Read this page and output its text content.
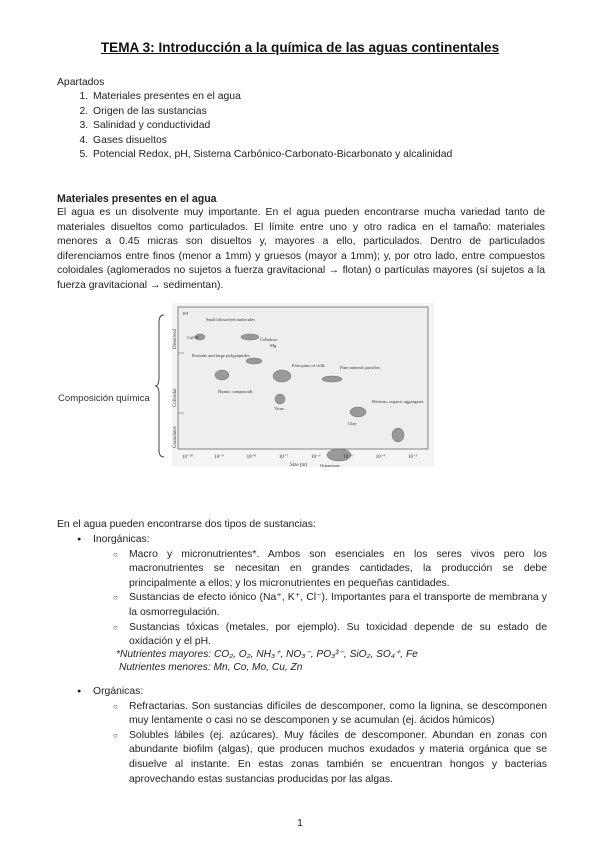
TEMA 3: Introducción a la química de las aguas continentales
Apartados
1. Materiales presentes en el agua
2. Origen de las sustancias
3. Salinidad y conductividad
4. Gases disueltos
5. Potencial Redox, pH, Sistema Carbónico-Carbonato-Bicarbonato y alcalinidad
Materiales presentes en el agua
El agua es un disolvente muy importante. En el agua pueden encontrarse mucha variedad tanto de materiales disueltos como particulados. El límite entre uno y otro radica en el tamaño: materiales menores a 0.45 micras son disueltos y, mayores a ello, particulados. Dentro de particulados diferenciamos entre finos (menor a 1mm) y gruesos (mayor a 1mm); y, por otro lado, entre compuestos coloidales (aglomerados no sujetos a fuerza gravitacional → flotan) o partículas mayores (sí sujetos a la fuerza gravitacional → sedimentan).
Composición química
Dissolved
Colloidal
Granulates
10⁴
Small dissolved molecules
CaOH	Cellulose
Mg
Proteins and large polypeptides
Free parts of cells	Fine mineral particles
Humic compounds
Virus
Clay
Detritus, organic aggregates
Organisms
10⁻¹⁰	10⁻⁹	10⁻⁸	10⁻⁷	10⁻⁶	10⁻⁵	10⁻⁴	10⁻³
Size (m)
En el agua pueden encontrarse dos tipos de sustancias:
● Inorgánicas:
○ Macro y micronutrientes*. Ambos son esenciales en los seres vivos pero los macronutrientes se necesitan en grandes cantidades, la producción se debe principalmente a ellos; y los micronutrientes en pequeñas cantidades.
○ Sustancias de efecto iónico (Na⁺, K⁺, Cl⁻). Importantes para el transporte de membrana y la osmorregulación.
○ Sustancias tóxicas (metales, por ejemplo). Su toxicidad depende de su estado de oxidación y el pH.
*Nutrientes mayores: CO₂, O₂, NH₃⁺, NO₃⁻, PO₃³⁻, SiO₂, SO₄⁺, Fe
Nutrientes menores: Mn, Co, Mo, Cu, Zn
● Orgánicas:
○ Refractarias. Son sustancias difíciles de descomponer, como la lignina, se descomponen muy lentamente o casi no se descomponen y se acumulan (ej. ácidos húmicos)
○ Solubles lábiles (ej. azúcares). Muy fáciles de descomponer. Abundan en zonas con abundante biofilm (algas), que producen muchos exudados y materia orgánica que se disuelve al instante. En estas zonas también se encuentran hongos y bacterias aprovechando estas sustancias producidas por las algas.
1
